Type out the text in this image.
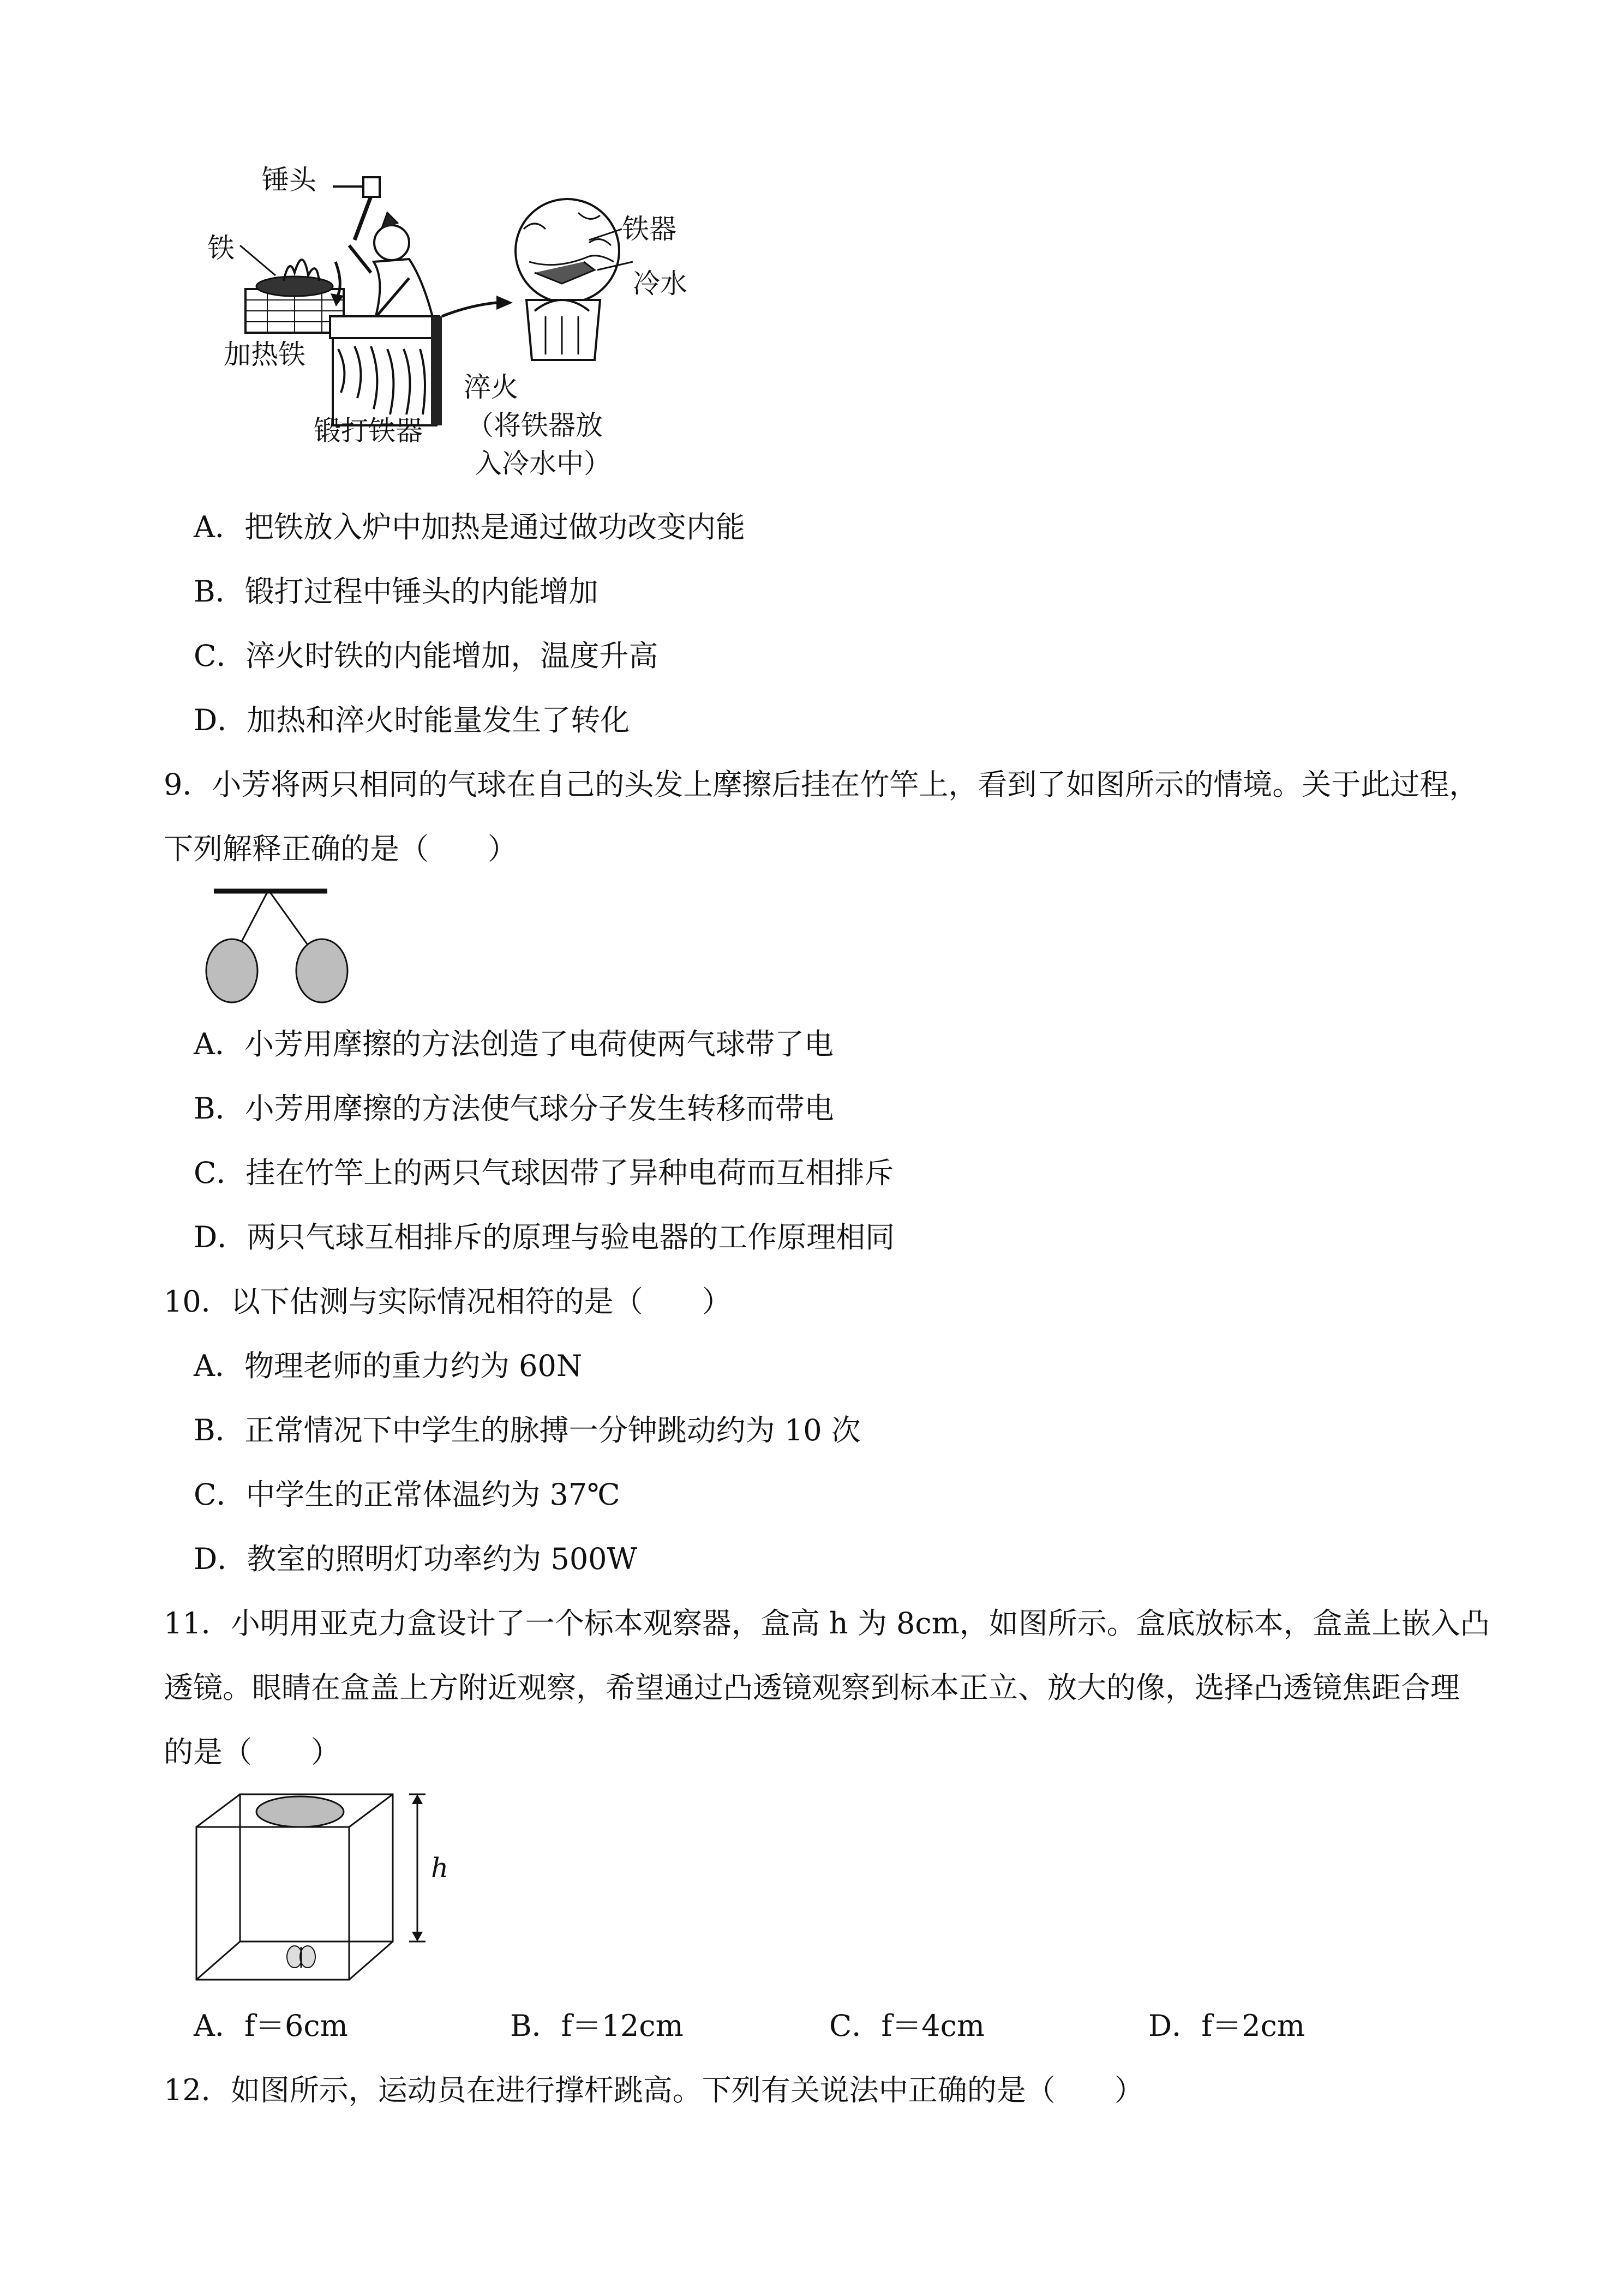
锤头
铁
铁器
冷水
加热铁
锻打铁器
淬火
（将铁器放
入冷水中）
A．把铁放入炉中加热是通过做功改变内能
B．锻打过程中锤头的内能增加
C．淬火时铁的内能增加，温度升高
D．加热和淬火时能量发生了转化
9．小芳将两只相同的气球在自己的头发上摩擦后挂在竹竿上，看到了如图所示的情境。关于此过程，
下列解释正确的是（　　）
A．小芳用摩擦的方法创造了电荷使两气球带了电
B．小芳用摩擦的方法使气球分子发生转移而带电
C．挂在竹竿上的两只气球因带了异种电荷而互相排斥
D．两只气球互相排斥的原理与验电器的工作原理相同
10．以下估测与实际情况相符的是（　　）
A．物理老师的重力约为 60N
B．正常情况下中学生的脉搏一分钟跳动约为 10 次
C．中学生的正常体温约为 37℃
D．教室的照明灯功率约为 500W
11．小明用亚克力盒设计了一个标本观察器，盒高 h 为 8cm，如图所示。盒底放标本，盒盖上嵌入凸
透镜。眼睛在盒盖上方附近观察，希望通过凸透镜观察到标本正立、放大的像，选择凸透镜焦距合理
的是（　　）
h
A．f＝6cm	B．f＝12cm	C．f＝4cm	D．f＝2cm
12．如图所示，运动员在进行撑杆跳高。下列有关说法中正确的是（　　）
